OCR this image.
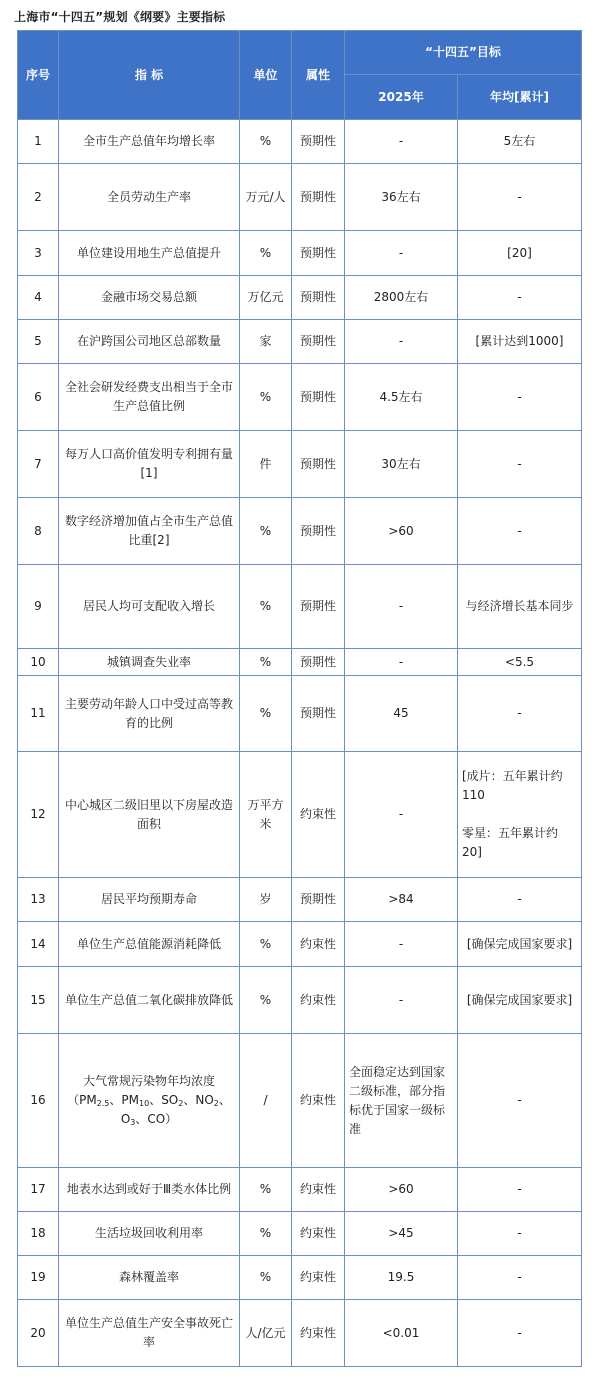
上海市“十四五”规划《纲要》主要指标
序号	指 标	单位	属性	“十四五”目标	
				2025年	年均[累计]
1	全市生产总值年均增长率	%	预期性	-	5左右
2	全员劳动生产率	万元/人	预期性	36左右	-
3	单位建设用地生产总值提升	%	预期性	-	[20]
4	金融市场交易总额	万亿元	预期性	2800左右	-
5	在沪跨国公司地区总部数量	家	预期性	-	[累计达到1000]
6	全社会研发经费支出相当于全市生产总值比例	%	预期性	4.5左右	-
7	每万人口高价值发明专利拥有量[1]	件	预期性	30左右	-
8	数字经济增加值占全市生产总值比重[2]	%	预期性	>60	-
9	居民人均可支配收入增长	%	预期性	-	与经济增长基本同步
10	城镇调查失业率	%	预期性	-	<5.5
11	主要劳动年龄人口中受过高等教育的比例	%	预期性	45	-
12	中心城区二级旧里以下房屋改造面积	万平方米	约束性	-	[成片：五年累计约110

零星：五年累计约20]

13	居民平均预期寿命	岁	预期性	>84	-
14	单位生产总值能源消耗降低	%	约束性	-	[确保完成国家要求]
15	单位生产总值二氧化碳排放降低	%	约束性	-	[确保完成国家要求]
16	大气常规污染物年均浓度（$PM_{2.5}$、$PM_{10}$、$SO_2$、$NO_2$、$O_3$、CO）	/	约束性	全面稳定达到国家二级标准，部分指标优于国家一级标准	-
17	地表水达到或好于Ⅲ类水体比例	%	约束性	>60	-
18	生活垃圾回收利用率	%	约束性	>45	-
19	森林覆盖率	%	约束性	19.5	-
20	单位生产总值生产安全事故死亡率	人/亿元	约束性	<0.01	-
